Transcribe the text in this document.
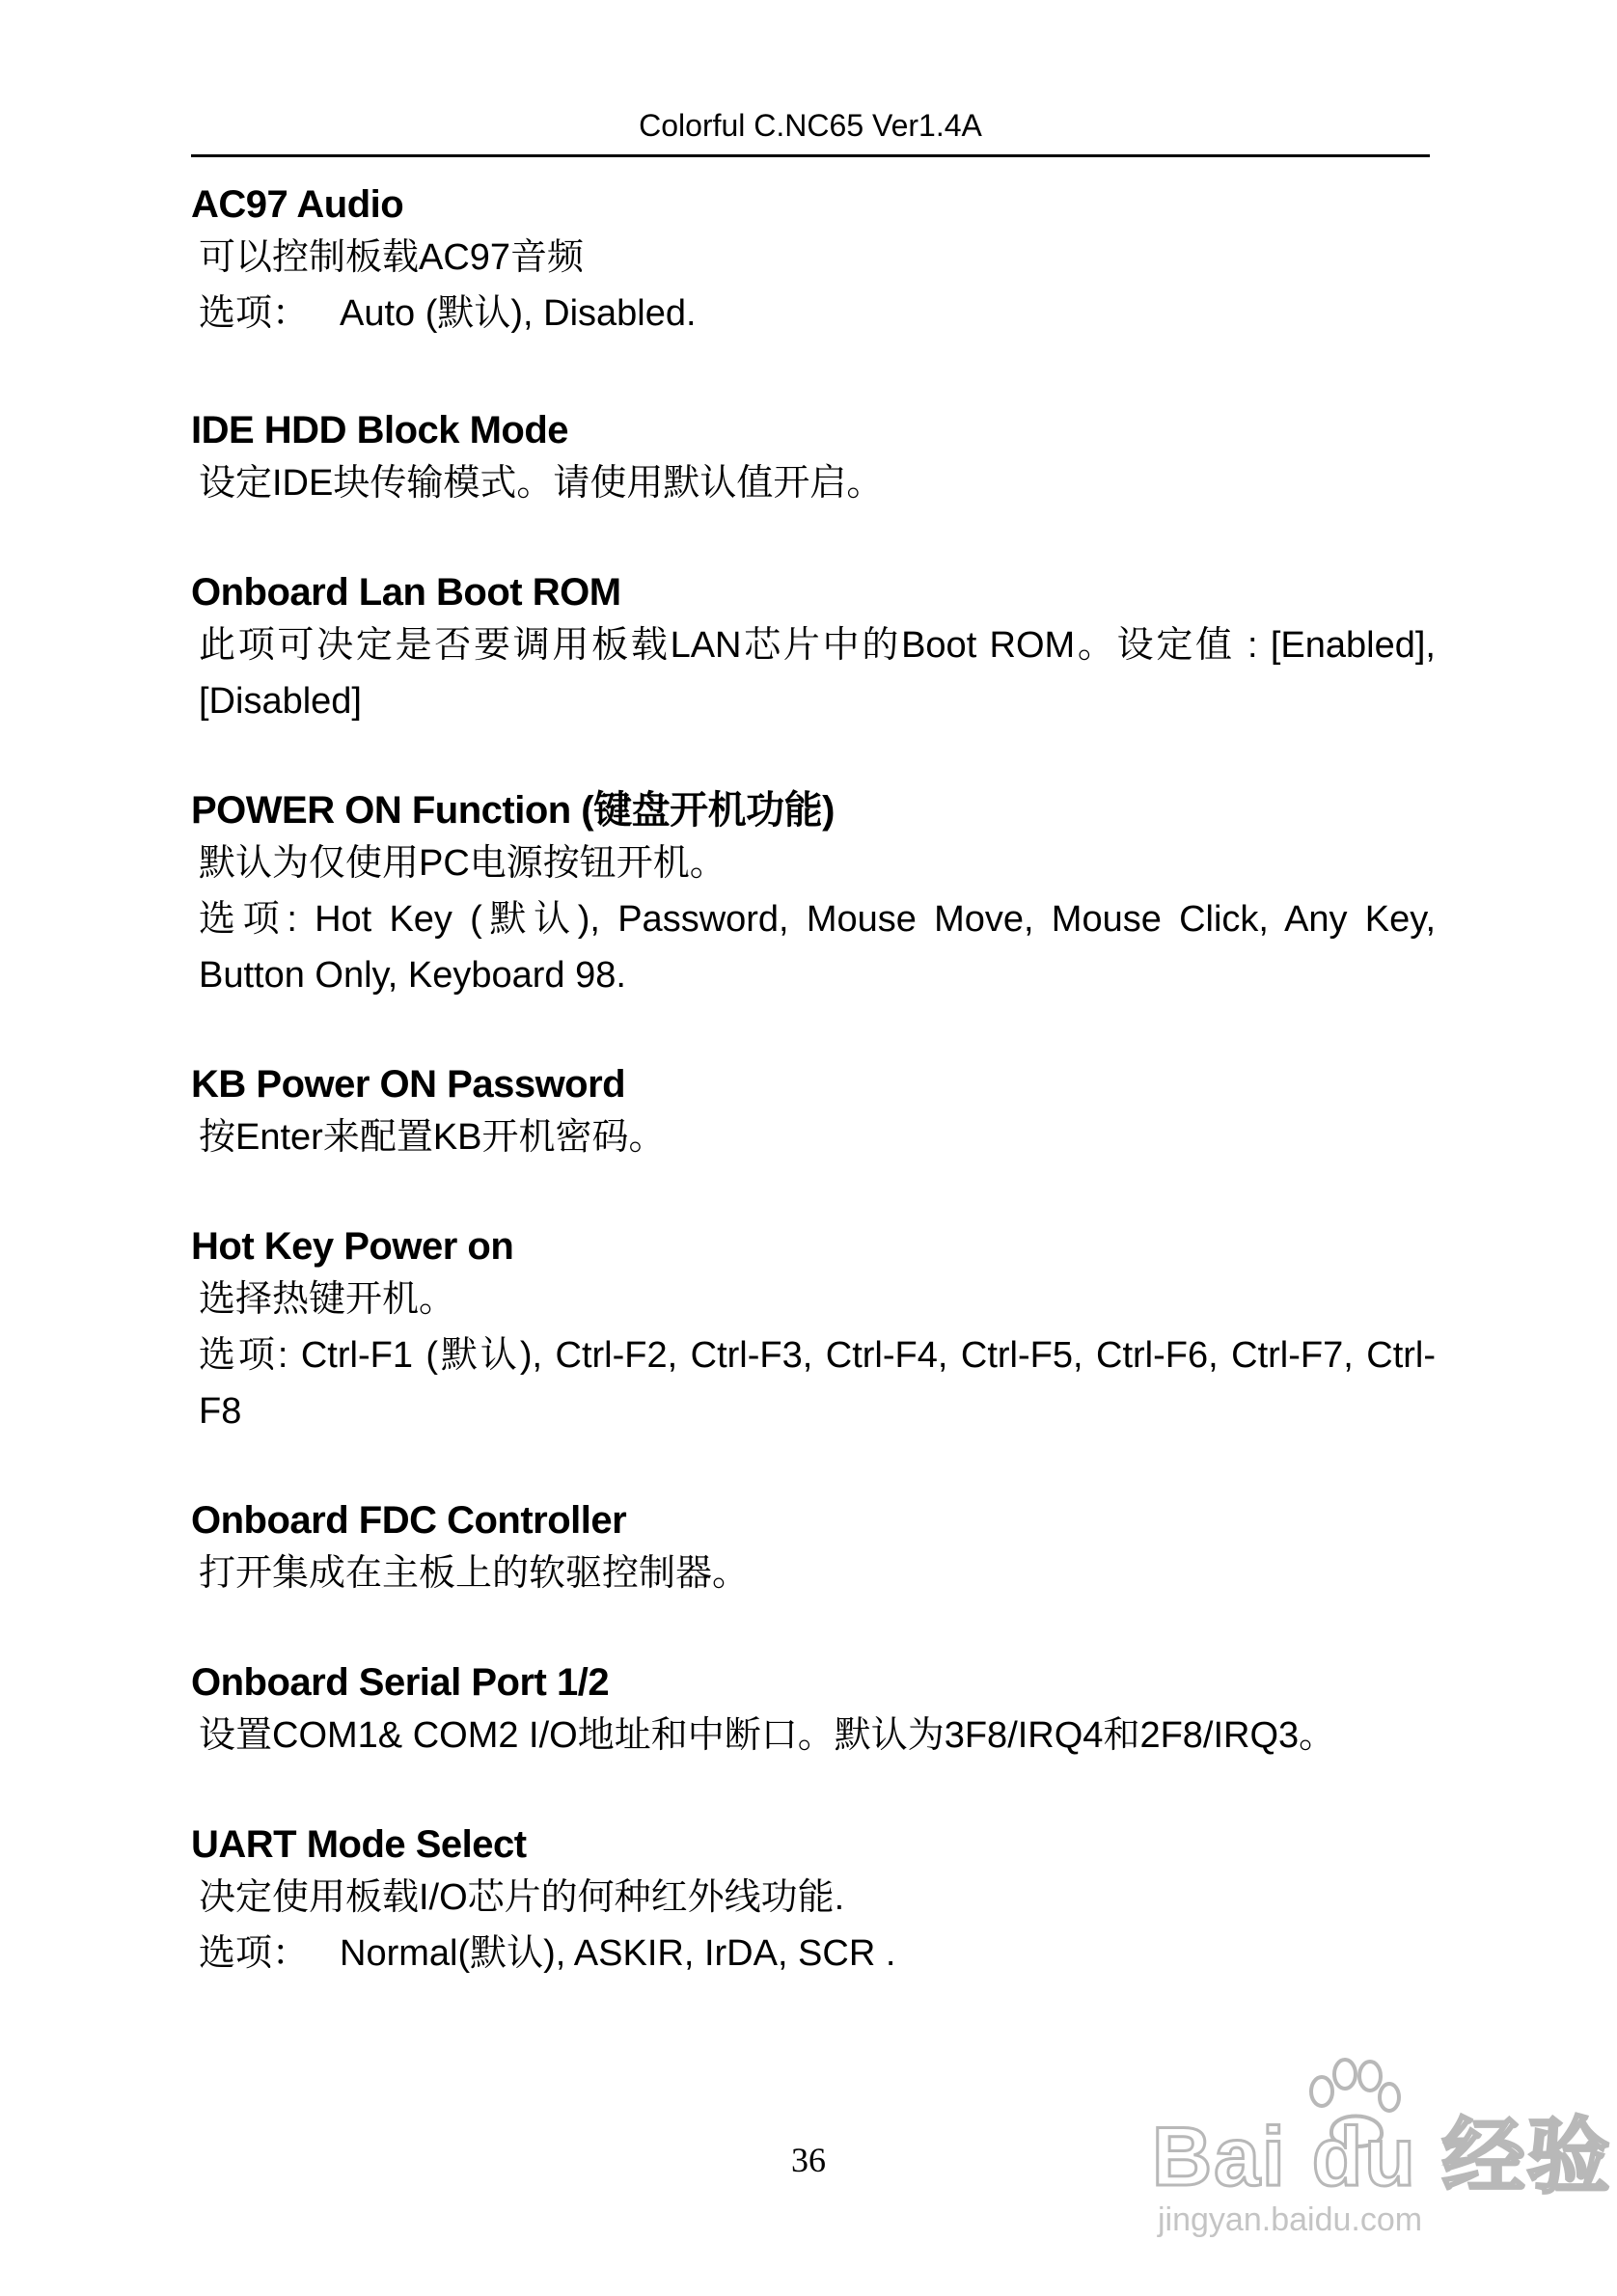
Colorful C.NC65 Ver1.4A
AC97 Audio

可以控制板载AC97音频

选项： Auto (默认), Disabled.

IDE HDD Block Mode

设定IDE块传输模式。请使用默认值开启。

Onboard Lan Boot ROM

此项可决定是否要调用板载LAN芯片中的Boot ROM。设定值 : [Enabled], [Disabled]

POWER ON Function (键盘开机功能)

默认为仅使用PC电源按钮开机。

选项: Hot Key (默认), Password, Mouse Move, Mouse Click, Any Key, Button Only, Keyboard 98.

KB Power ON Password

按Enter来配置KB开机密码。

Hot Key Power on

选择热键开机。

选项: Ctrl-F1 (默认), Ctrl-F2, Ctrl-F3, Ctrl-F4, Ctrl-F5, Ctrl-F6, Ctrl-F7, Ctrl-F8

Onboard FDC Controller

打开集成在主板上的软驱控制器。

Onboard Serial Port 1/2

设置COM1& COM2 I/O地址和中断口。默认为3F8/IRQ4和2F8/IRQ3。

UART Mode Select

决定使用板载I/O芯片的何种红外线功能.

选项： Normal(默认), ASKIR, IrDA, SCR .

36	Bai du 经验
jingyan.baidu.com
